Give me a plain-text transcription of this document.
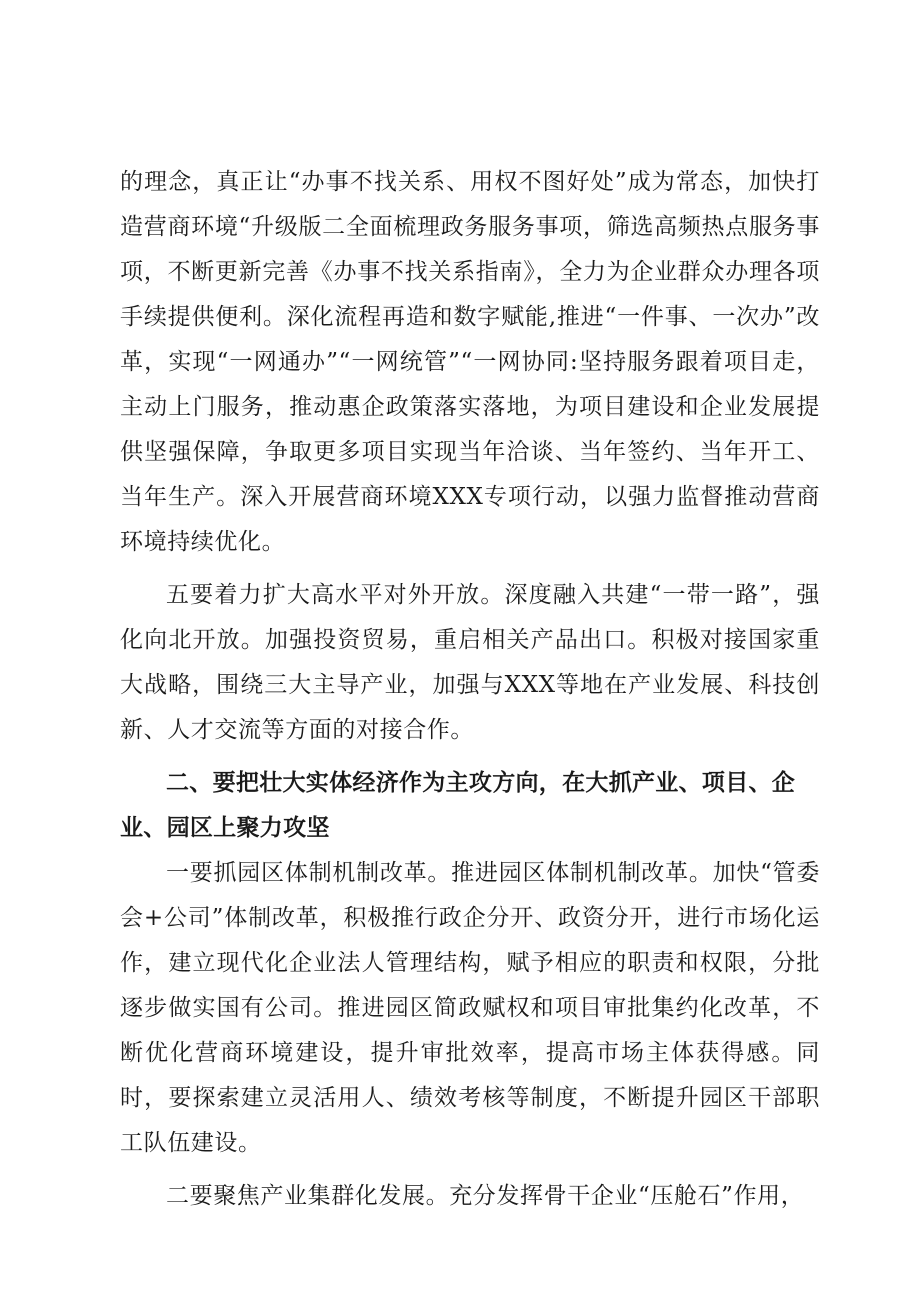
的理念，真正让“办事不找关系、用权不图好处”成为常态，加快打造营商环境“升级版二全面梳理政务服务事项，筛选高频热点服务事项，不断更新完善《办事不找关系指南》，全力为企业群众办理各项手续提供便利。深化流程再造和数字赋能,推进“一件事、一次办”改革，实现“一网通办”“一网统管”“一网协同:坚持服务跟着项目走，主动上门服务，推动惠企政策落实落地，为项目建设和企业发展提供坚强保障，争取更多项目实现当年洽谈、当年签约、当年开工、当年生产。深入开展营商环境XXX专项行动，以强力监督推动营商环境持续优化。

五要着力扩大高水平对外开放。深度融入共建“一带一路”，强化向北开放。加强投资贸易，重启相关产品出口。积极对接国家重大战略，围绕三大主导产业，加强与XXX等地在产业发展、科技创新、人才交流等方面的对接合作。

二、要把壮大实体经济作为主攻方向，在大抓产业、项目、企业、园区上聚力攻坚

一要抓园区体制机制改革。推进园区体制机制改革。加快“管委会+公司”体制改革，积极推行政企分开、政资分开，进行市场化运作，建立现代化企业法人管理结构，赋予相应的职责和权限，分批逐步做实国有公司。推进园区简政赋权和项目审批集约化改革，不断优化营商环境建设，提升审批效率，提高市场主体获得感。同时，要探索建立灵活用人、绩效考核等制度，不断提升园区干部职工队伍建设。

二要聚焦产业集群化发展。充分发挥骨干企业“压舱石”作用，
